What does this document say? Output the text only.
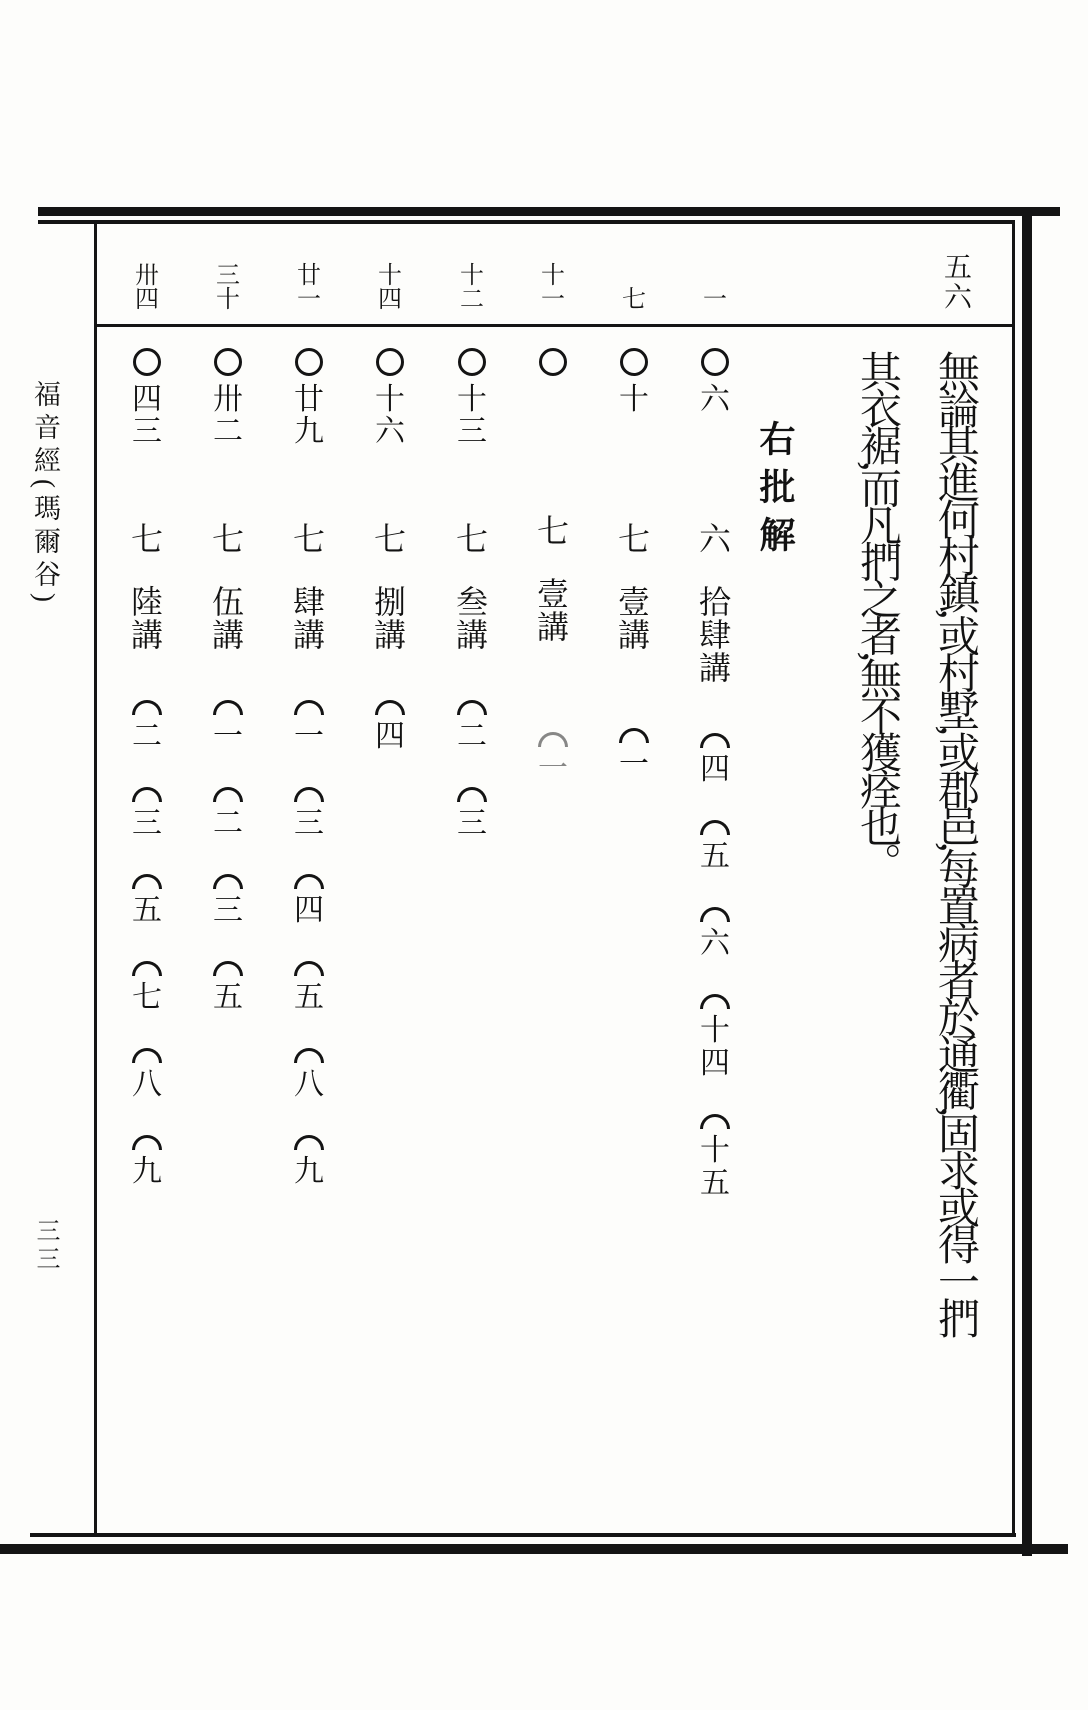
福音經(瑪爾谷)
三三
五六
無論其進何村鎮,或村墅,或郡邑,每置病者於通衢,固求或得一捫
其衣裾,而凡捫之者,無不獲痊也。
右批解
一
六
六
拾
肆
講
四
五
六
十
四
十
五
七
十
七
壹
講
一
十
一
七
壹
講
一
十
二
十
三
七
叁
講
二
三
十
四
十
六
七
捌
講
四
廿
一
廿
九
七
肆
講
一
三
四
五
八
九
三
十
卅
二
七
伍
講
一
二
三
五
卅
四
四
三
七
陸
講
二
三
五
七
八
九
